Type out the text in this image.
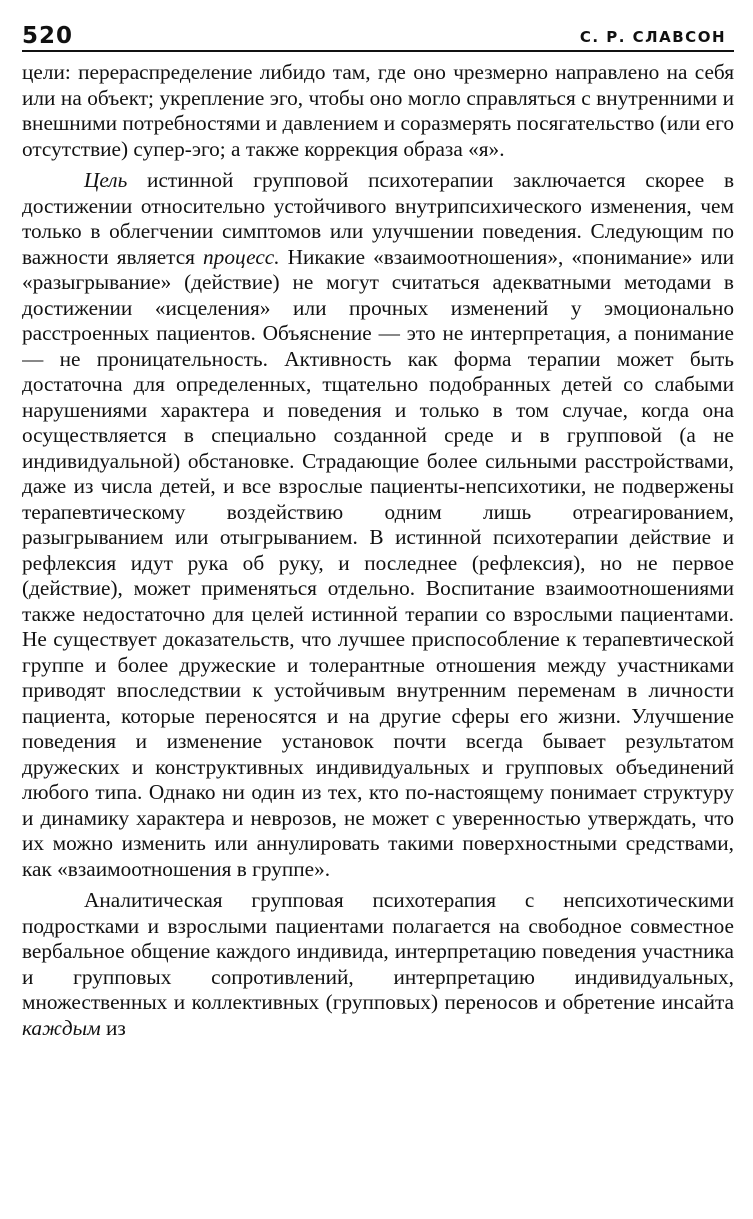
520	С. Р. СЛАВСОН

цели: перераспределение либидо там, где оно чрезмерно направлено на себя или на объект; укрепление эго, чтобы оно могло справляться с внутренними и внешними потребностями и давлением и соразмерять посягательство (или его отсутствие) супер-эго; а также коррекция образа «я».

Цель истинной групповой психотерапии заключается скорее в достижении относительно устойчивого внутрипсихического изменения, чем только в облегчении симптомов или улучшении поведения. Следующим по важности является процесс. Никакие «взаимоотношения», «понимание» или «разыгрывание» (действие) не могут считаться адекватными методами в достижении «исцеления» или прочных изменений у эмоционально расстроенных пациентов. Объяснение — это не интерпретация, а понимание — не проницательность. Активность как форма терапии может быть достаточна для определенных, тщательно подобранных детей со слабыми нарушениями характера и поведения и только в том случае, когда она осуществляется в специально созданной среде и в групповой (а не индивидуальной) обстановке. Страдающие более сильными расстройствами, даже из числа детей, и все взрослые пациенты-непсихотики, не подвержены терапевтическому воздействию одним лишь отреагированием, разыгрыванием или отыгрыванием. В истинной психотерапии действие и рефлексия идут рука об руку, и последнее (рефлексия), но не первое (действие), может применяться отдельно. Воспитание взаимоотношениями также недостаточно для целей истинной терапии со взрослыми пациентами. Не существует доказательств, что лучшее приспособление к терапевтической группе и более дружеские и толерантные отношения между участниками приводят впоследствии к устойчивым внутренним переменам в личности пациента, которые переносятся и на другие сферы его жизни. Улучшение поведения и изменение установок почти всегда бывает результатом дружеских и конструктивных индивидуальных и групповых объединений любого типа. Однако ни один из тех, кто по-настоящему понимает структуру и динамику характера и неврозов, не может с уверенностью утверждать, что их можно изменить или аннулировать такими поверхностными средствами, как «взаимоотношения в группе».

Аналитическая групповая психотерапия с непсихотическими подростками и взрослыми пациентами полагается на свободное совместное вербальное общение каждого индивида, интерпретацию поведения участника и групповых сопротивлений, интерпретацию индивидуальных, множественных и коллективных (групповых) переносов и обретение инсайта каждым из
